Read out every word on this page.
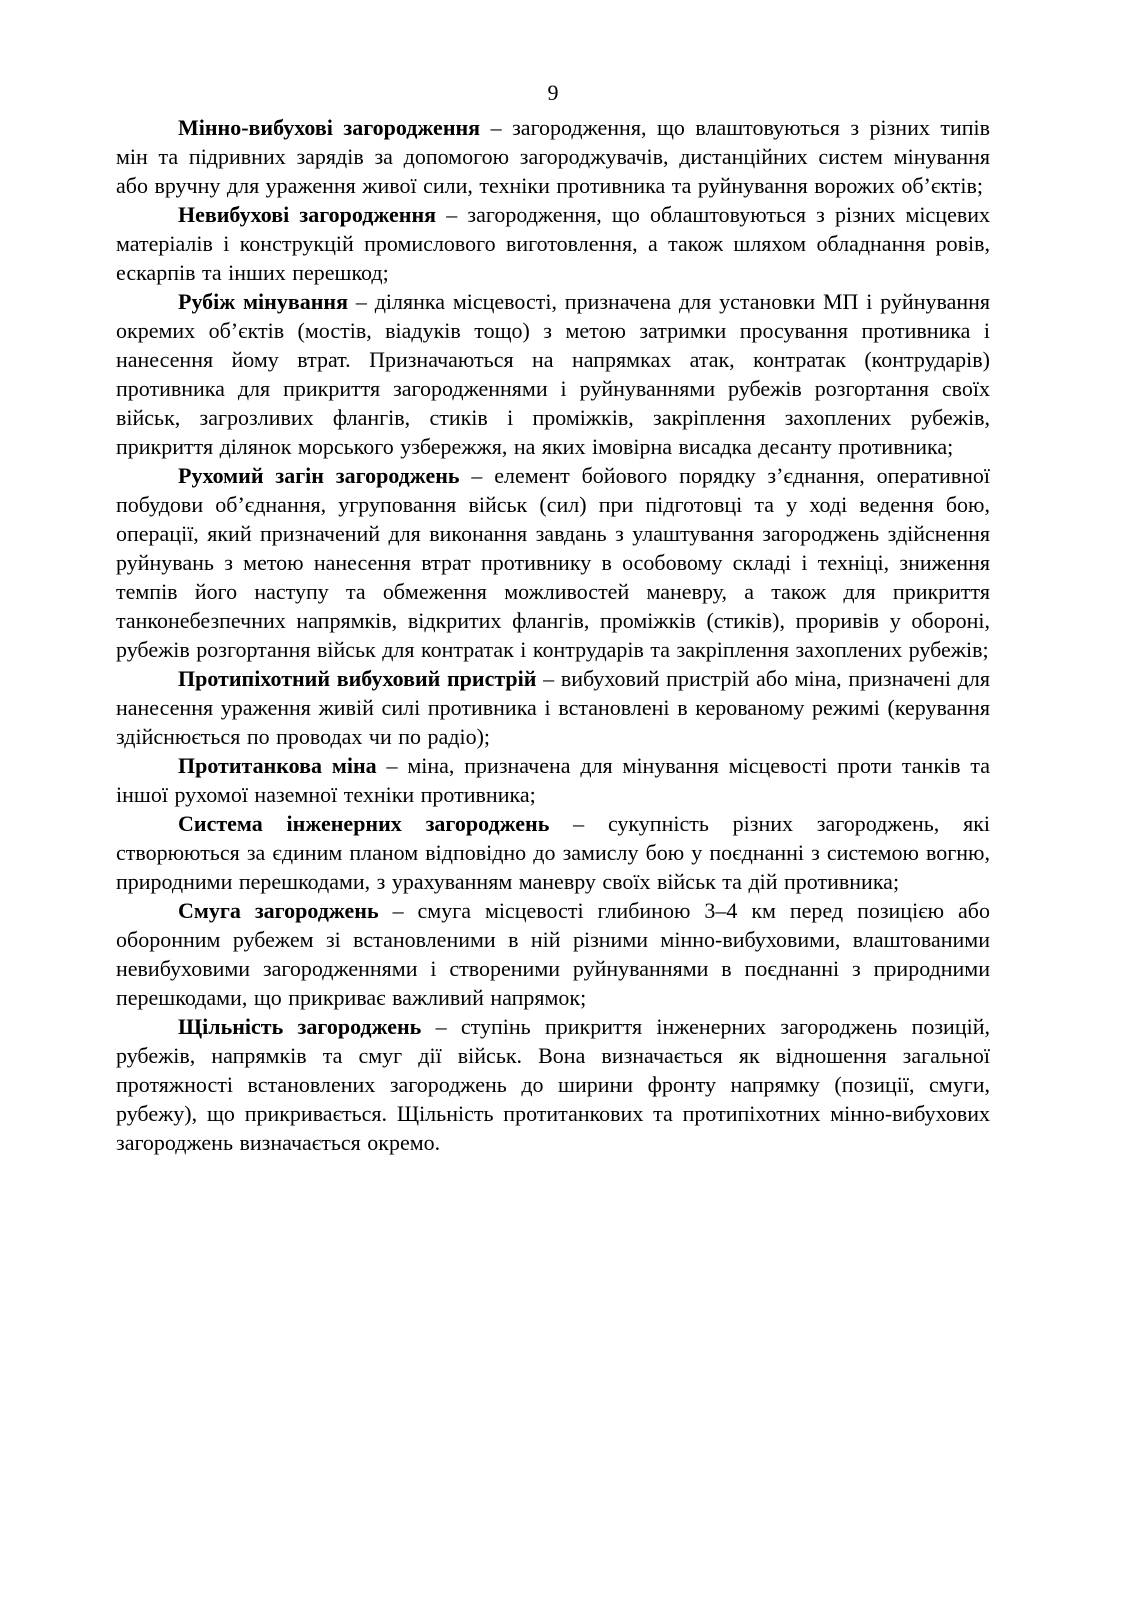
9

Мінно-вибухові загородження – загородження, що влаштовуються з різних типів мін та підривних зарядів за допомогою загороджувачів, дистанційних систем мінування або вручну для ураження живої сили, техніки противника та руйнування ворожих об’єктів;

Невибухові загородження – загородження, що облаштовуються з різних місцевих матеріалів і конструкцій промислового виготовлення, а також шляхом обладнання ровів, ескарпів та інших перешкод;

Рубіж мінування – ділянка місцевості, призначена для установки МП і руйнування окремих об’єктів (мостів, віадуків тощо) з метою затримки просування противника і нанесення йому втрат. Призначаються на напрямках атак, контратак (контрударів) противника для прикриття загородженнями і руйнуваннями рубежів розгортання своїх військ, загрозливих флангів, стиків і проміжків, закріплення захоплених рубежів, прикриття ділянок морського узбережжя, на яких імовірна висадка десанту противника;

Рухомий загін загороджень – елемент бойового порядку з’єднання, оперативної побудови об’єднання, угруповання військ (сил) при підготовці та у ході ведення бою, операції, який призначений для виконання завдань з улаштування загороджень здійснення руйнувань з метою нанесення втрат противнику в особовому складі і техніці, зниження темпів його наступу та обмеження можливостей маневру, а також для прикриття танконебезпечних напрямків, відкритих флангів, проміжків (стиків), проривів у обороні, рубежів розгортання військ для контратак і контрударів та закріплення захоплених рубежів;

Протипіхотний вибуховий пристрій – вибуховий пристрій або міна, призначені для нанесення ураження живій силі противника і встановлені в керованому режимі (керування здійснюється по проводах чи по радіо);

Протитанкова міна – міна, призначена для мінування місцевості проти танків та іншої рухомої наземної техніки противника;

Система інженерних загороджень – сукупність різних загороджень, які створюються за єдиним планом відповідно до замислу бою у поєднанні з системою вогню, природними перешкодами, з урахуванням маневру своїх військ та дій противника;

Смуга загороджень – смуга місцевості глибиною 3–4 км перед позицією або оборонним рубежем зі встановленими в ній різними мінно-вибуховими, влаштованими невибуховими загородженнями і створеними руйнуваннями в поєднанні з природними перешкодами, що прикриває важливий напрямок;

Щільність загороджень – ступінь прикриття інженерних загороджень позицій, рубежів, напрямків та смуг дії військ. Вона визначається як відношення загальної протяжності встановлених загороджень до ширини фронту напрямку (позиції, смуги, рубежу), що прикривається. Щільність протитанкових та протипіхотних мінно-вибухових загороджень визначається окремо.
